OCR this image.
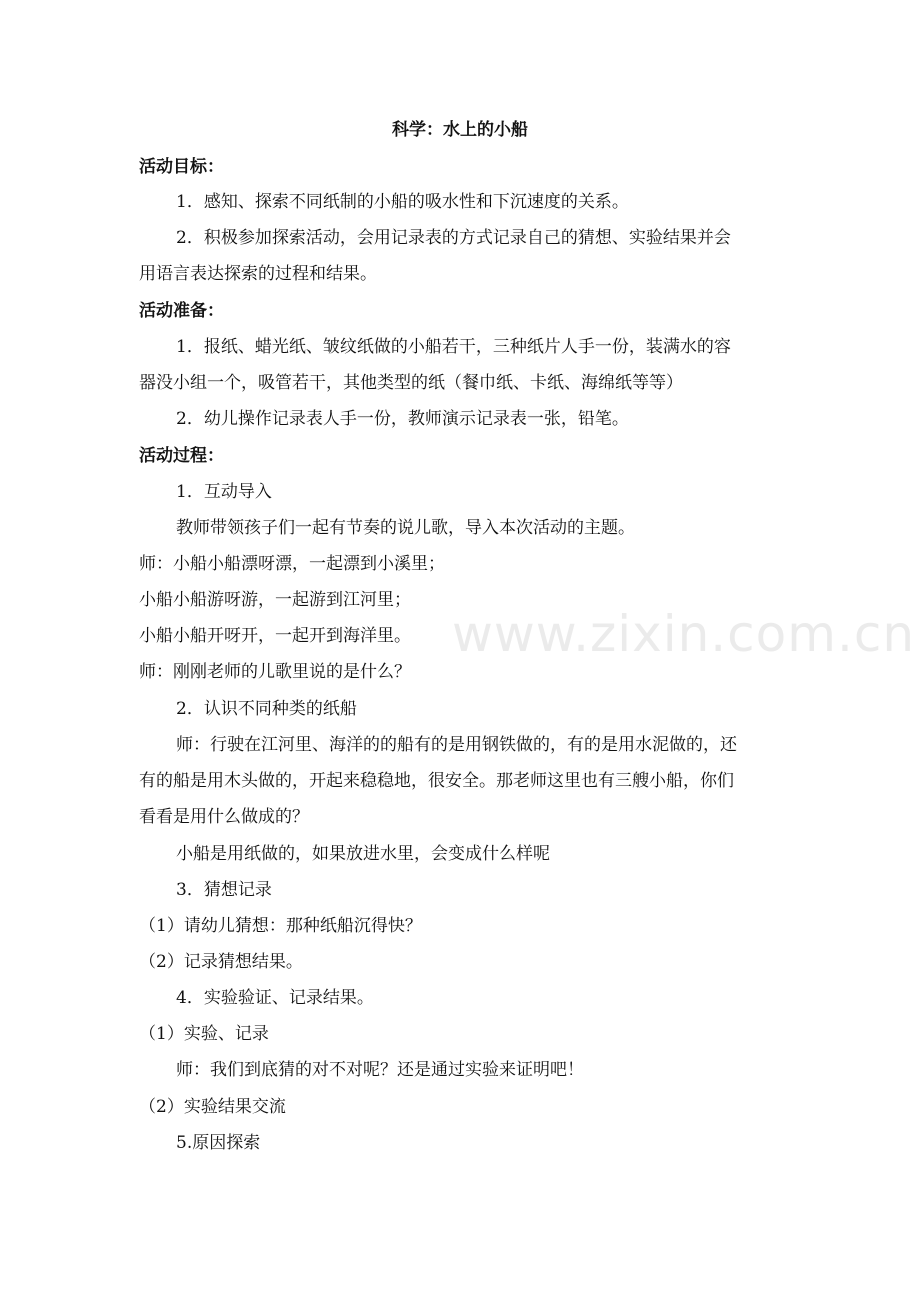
www.zixin.com.cn
科学：水上的小船
活动目标：
1．感知、探索不同纸制的小船的吸水性和下沉速度的关系。
2．积极参加探索活动，会用记录表的方式记录自己的猜想、实验结果并会
用语言表达探索的过程和结果。
活动准备：
1．报纸、蜡光纸、皱纹纸做的小船若干，三种纸片人手一份，装满水的容
器没小组一个，吸管若干，其他类型的纸（餐巾纸、卡纸、海绵纸等等）
2．幼儿操作记录表人手一份，教师演示记录表一张，铅笔。
活动过程：
1．互动导入
教师带领孩子们一起有节奏的说儿歌，导入本次活动的主题。
师：小船小船漂呀漂，一起漂到小溪里；
小船小船游呀游，一起游到江河里；
小船小船开呀开，一起开到海洋里。
师：刚刚老师的儿歌里说的是什么？
2．认识不同种类的纸船
师：行驶在江河里、海洋的的船有的是用钢铁做的，有的是用水泥做的，还
有的船是用木头做的，开起来稳稳地，很安全。那老师这里也有三艘小船，你们
看看是用什么做成的？
小船是用纸做的，如果放进水里，会变成什么样呢
3．猜想记录
（1）请幼儿猜想：那种纸船沉得快？
（2）记录猜想结果。
4．实验验证、记录结果。
（1）实验、记录
师：我们到底猜的对不对呢？还是通过实验来证明吧！
（2）实验结果交流
5.原因探索
